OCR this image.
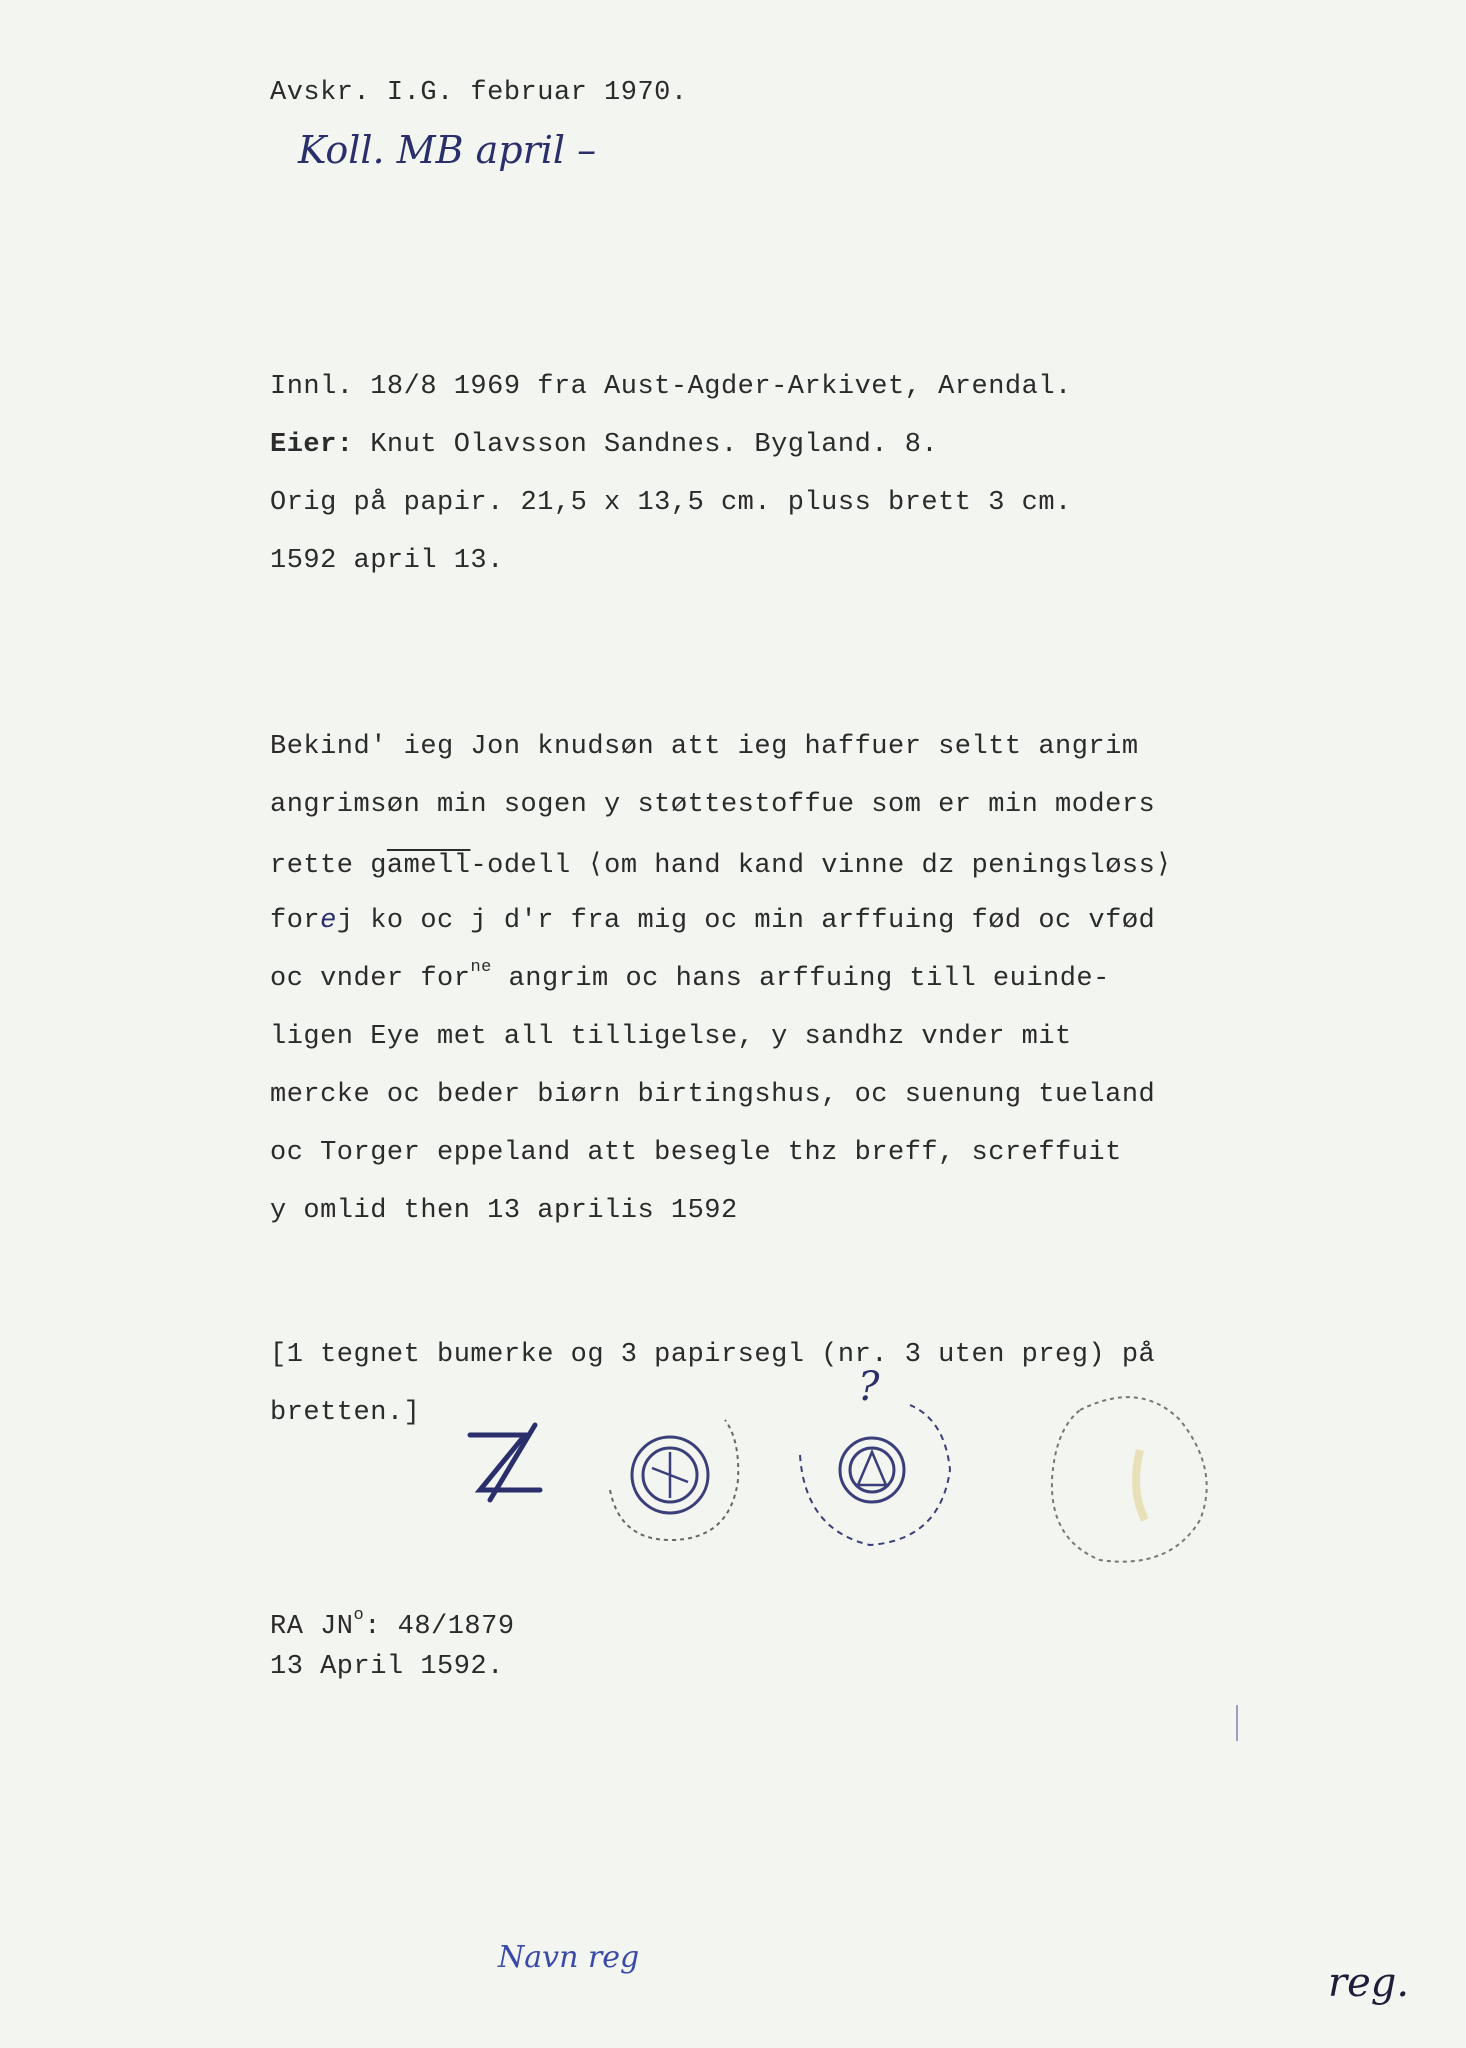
Avskr. I.G. februar 1970.
Koll. MB april –
Innl. 18/8 1969 fra Aust-Agder-Arkivet, Arendal.
Eier: Knut Olavsson Sandnes. Bygland. 8.
Orig på papir. 21,5 x 13,5 cm. pluss brett 3 cm.
1592 april 13.
Bekind' ieg Jon knudsøn att ieg haffuer seltt angrim
angrimsøn min sogen y støttestoffue som er min moders
rette gamell-odell ⟨om hand kand vinne dz peningsløss⟩
forej ko oc j d'r fra mig oc min arffuing fød oc vfød
oc vnder for$^{ne}$ angrim oc hans arffuing till euinde-
ligen Eye met all tilligelse, y sandhz vnder mit
mercke oc beder biørn birtingshus, oc suenung tueland
oc Torger eppeland att besegle thz breff, screffuit
y omlid then 13 aprilis 1592
[1 tegnet bumerke og 3 papirsegl (nr. 3 uten preg) på
bretten.]
?
RA $JN^o$: 48/1879
13 April 1592.
Navn reg
reg.
